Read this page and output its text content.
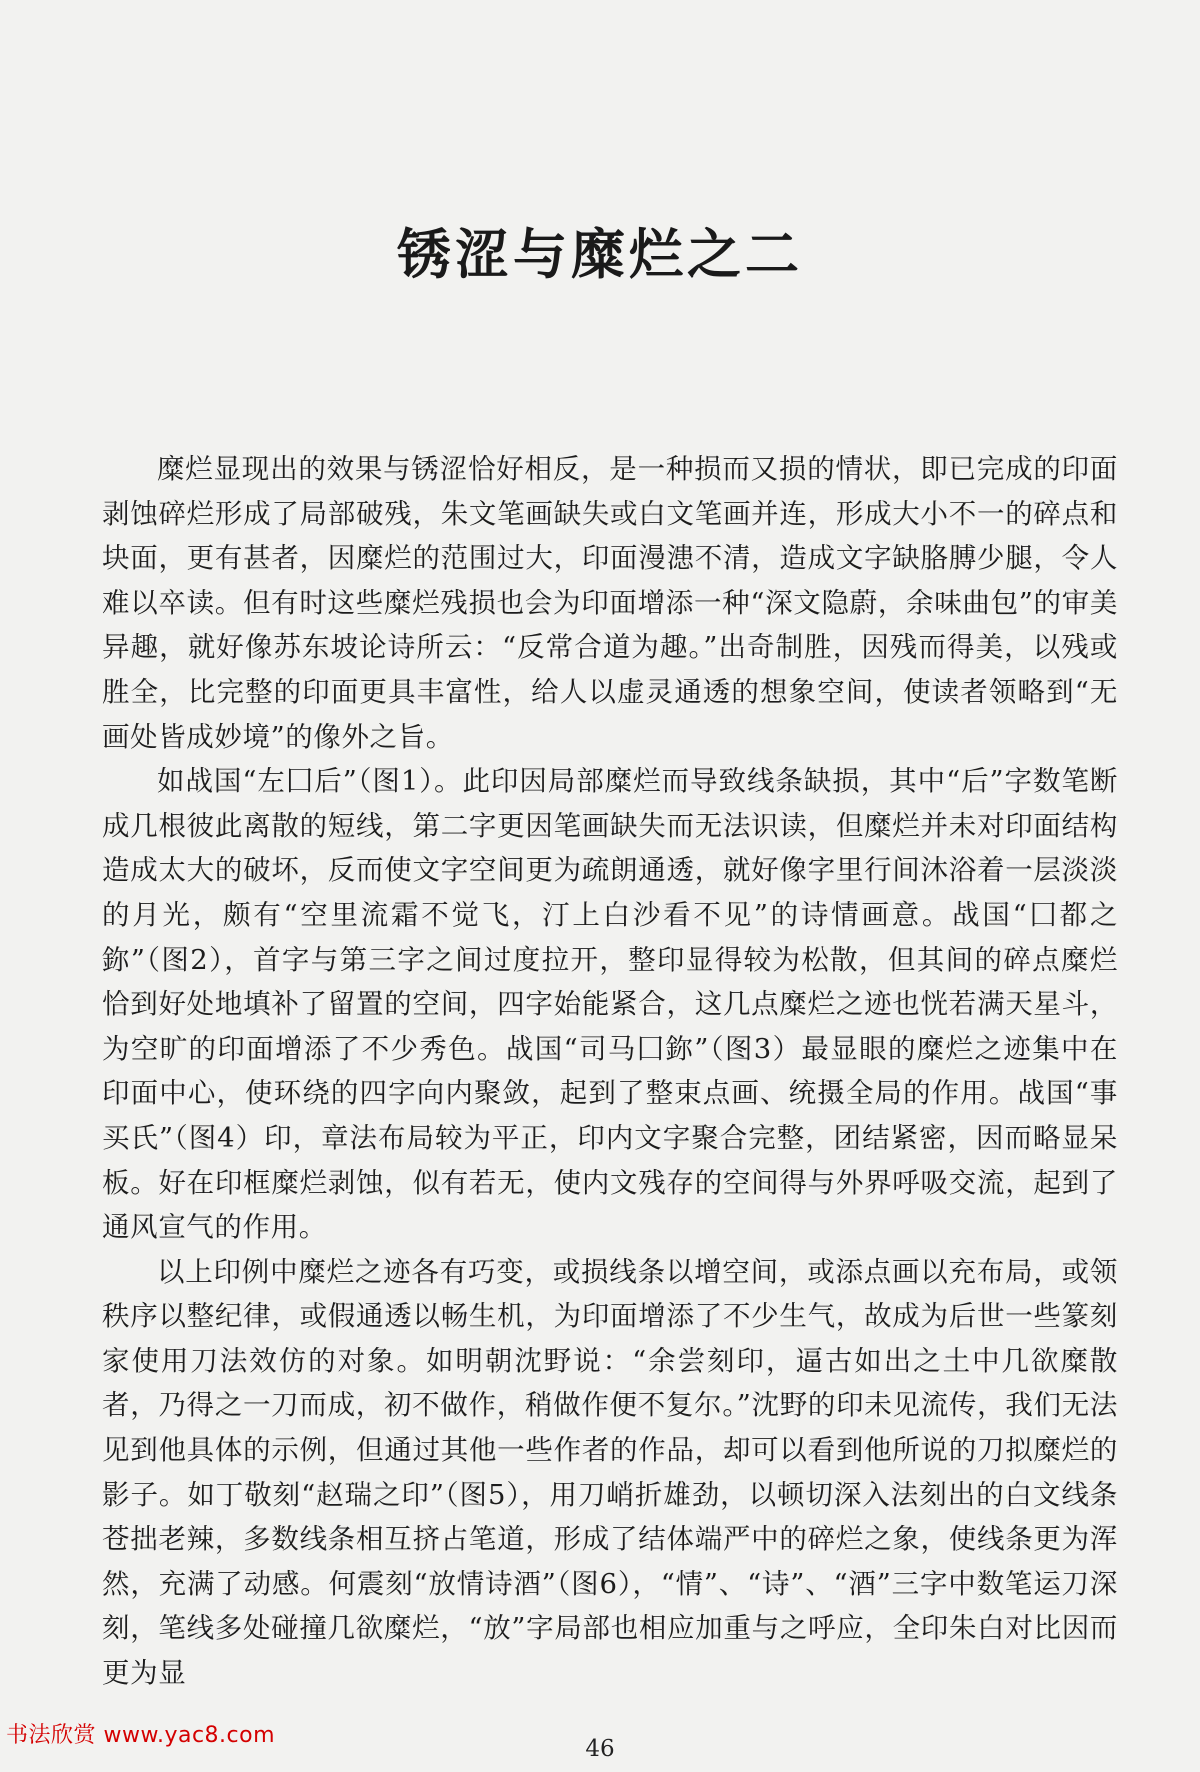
锈涩与糜烂之二

糜烂显现出的效果与锈涩恰好相反，是一种损而又损的情状，即已完成的印面剥蚀碎烂形成了局部破残，朱文笔画缺失或白文笔画并连，形成大小不一的碎点和块面，更有甚者，因糜烂的范围过大，印面漫漶不清，造成文字缺胳膊少腿，令人难以卒读。但有时这些糜烂残损也会为印面增添一种“深文隐蔚，余味曲包”的审美异趣，就好像苏东坡论诗所云：“反常合道为趣。”出奇制胜，因残而得美，以残或胜全，比完整的印面更具丰富性，给人以虚灵通透的想象空间，使读者领略到“无画处皆成妙境”的像外之旨。

如战国“左囗后”（图1）。此印因局部糜烂而导致线条缺损，其中“后”字数笔断成几根彼此离散的短线，第二字更因笔画缺失而无法识读，但糜烂并未对印面结构造成太大的破坏，反而使文字空间更为疏朗通透，就好像字里行间沐浴着一层淡淡的月光，颇有“空里流霜不觉飞，汀上白沙看不见”的诗情画意。战国“囗都之鉨”（图2），首字与第三字之间过度拉开，整印显得较为松散，但其间的碎点糜烂恰到好处地填补了留置的空间，四字始能紧合，这几点糜烂之迹也恍若满天星斗，为空旷的印面增添了不少秀色。战国“司马囗鉨”（图3）最显眼的糜烂之迹集中在印面中心，使环绕的四字向内聚敛，起到了整束点画、统摄全局的作用。战国“事买氏”（图4）印，章法布局较为平正，印内文字聚合完整，团结紧密，因而略显呆板。好在印框糜烂剥蚀，似有若无，使内文残存的空间得与外界呼吸交流，起到了通风宣气的作用。

以上印例中糜烂之迹各有巧变，或损线条以增空间，或添点画以充布局，或领秩序以整纪律，或假通透以畅生机，为印面增添了不少生气，故成为后世一些篆刻家使用刀法效仿的对象。如明朝沈野说：“余尝刻印，逼古如出之土中几欲糜散者，乃得之一刀而成，初不做作，稍做作便不复尔。”沈野的印未见流传，我们无法见到他具体的示例，但通过其他一些作者的作品，却可以看到他所说的刀拟糜烂的影子。如丁敬刻“赵瑞之印”（图5），用刀峭折雄劲，以顿切深入法刻出的白文线条苍拙老辣，多数线条相互挤占笔道，形成了结体端严中的碎烂之象，使线条更为浑然，充满了动感。何震刻“放情诗酒”（图6），“情”、“诗”、“酒”三字中数笔运刀深刻，笔线多处碰撞几欲糜烂，“放”字局部也相应加重与之呼应，全印朱白对比因而更为显

书法欣赏 www.yac8.com
46
